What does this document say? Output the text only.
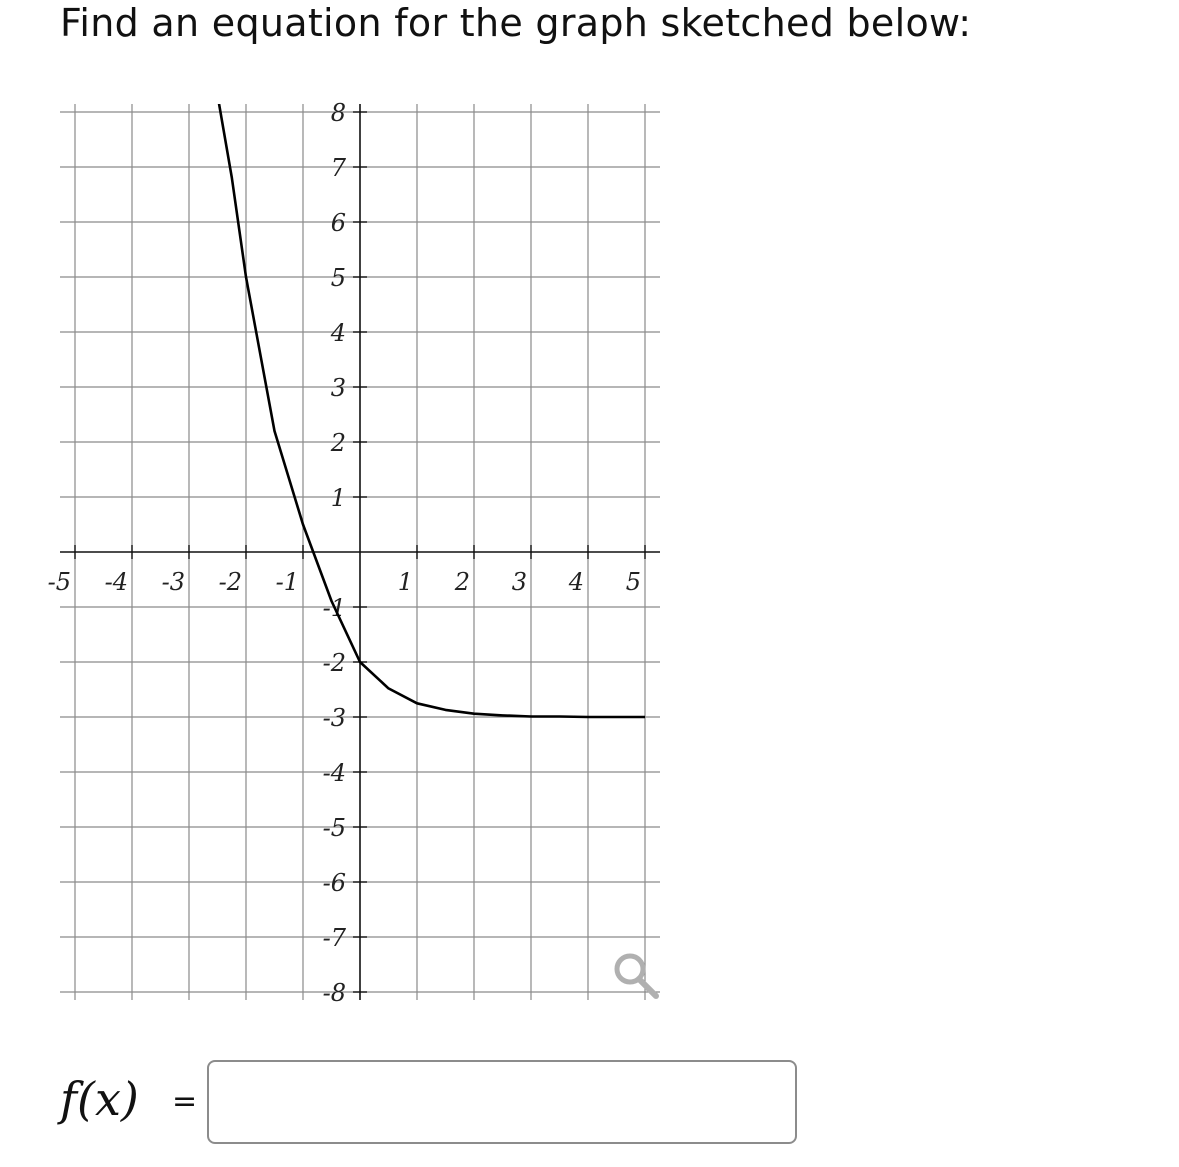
Find an equation for the graph sketched below:
-5 -4 -3 -2 -1	1 2 3 4 5
8
7
6
5
4
3
2
1
-1
-2
-3
-4
-5
-6
-7
-8
f(x) =
